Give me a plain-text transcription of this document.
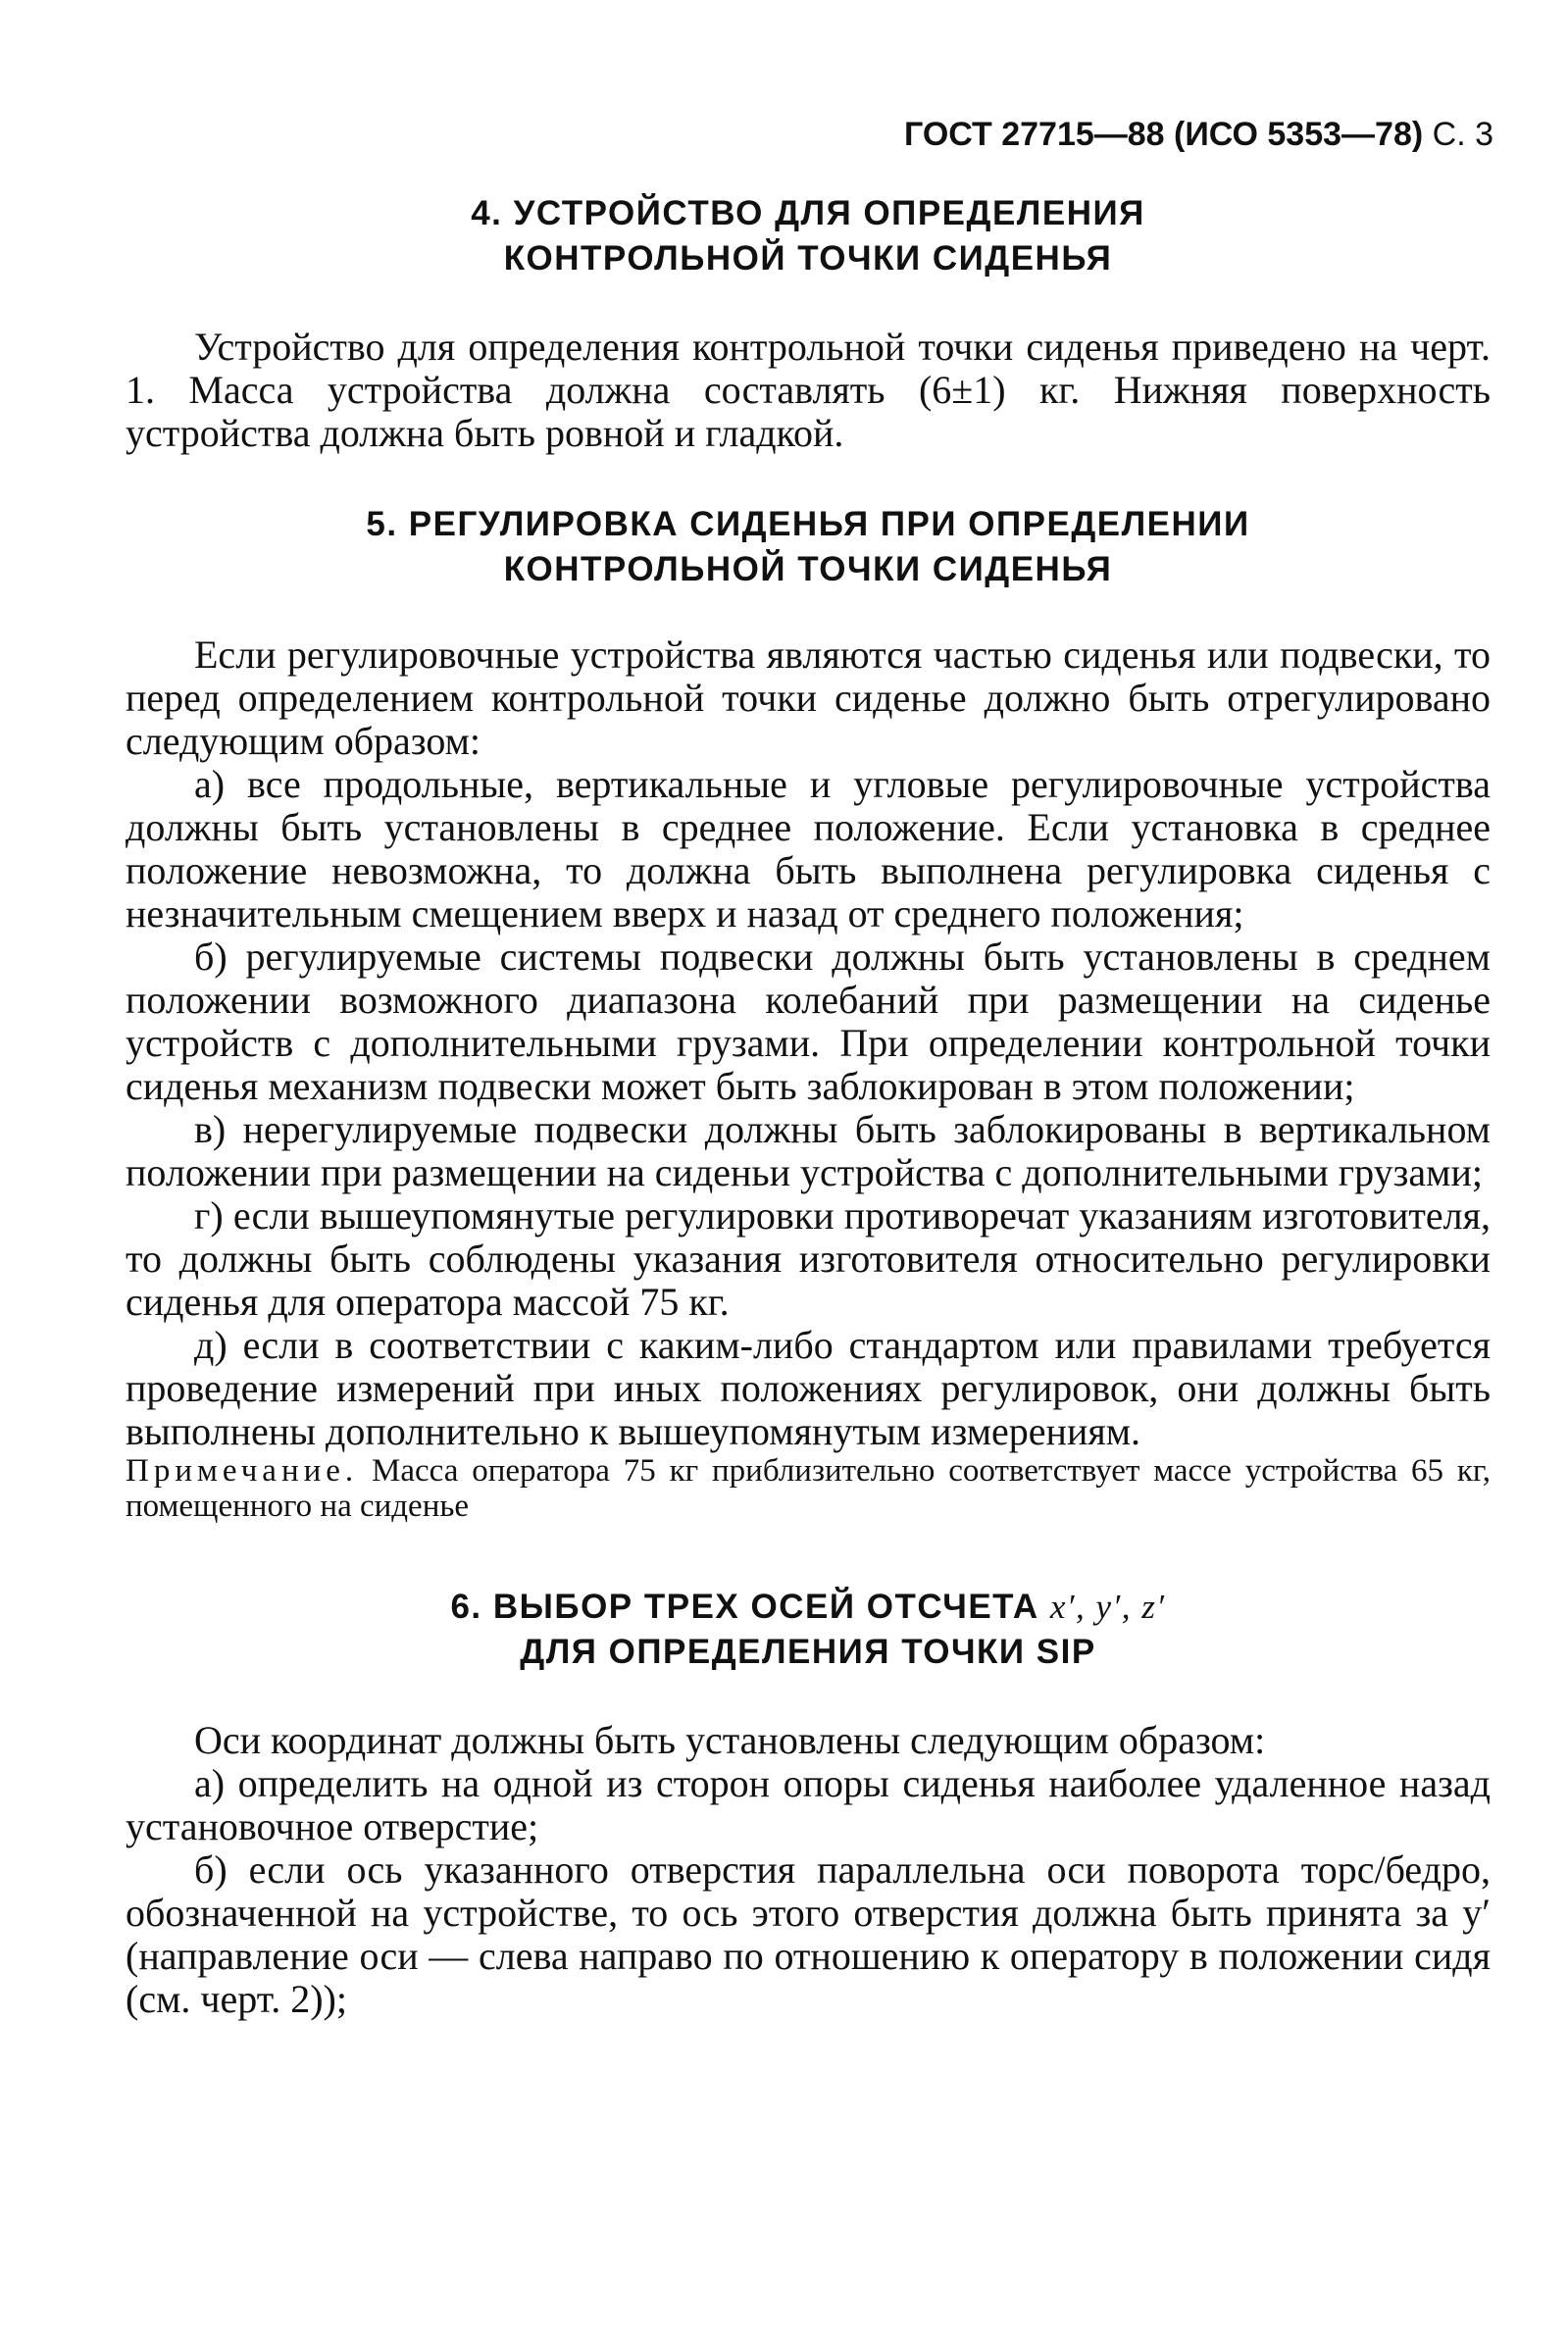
ГОСТ 27715—88 (ИСО 5353—78) С. 3
4. УСТРОЙСТВО ДЛЯ ОПРЕДЕЛЕНИЯ
КОНТРОЛЬНОЙ ТОЧКИ СИДЕНЬЯ

Устройство для определения контрольной точки сиденья приведено на черт. 1. Масса устройства должна составлять (6±1) кг. Нижняя поверхность устройства должна быть ровной и гладкой.

5. РЕГУЛИРОВКА СИДЕНЬЯ ПРИ ОПРЕДЕЛЕНИИ
КОНТРОЛЬНОЙ ТОЧКИ СИДЕНЬЯ

Если регулировочные устройства являются частью сиденья или подвески, то перед определением контрольной точки сиденье должно быть отрегулировано следующим образом:

а) все продольные, вертикальные и угловые регулировочные устройства должны быть установлены в среднее положение. Если установка в среднее положение невозможна, то должна быть выполнена регулировка сиденья с незначительным смещением вверх и назад от среднего положения;

б) регулируемые системы подвески должны быть установлены в среднем положении возможного диапазона колебаний при размещении на сиденье устройств с дополнительными грузами. При определении контрольной точки сиденья механизм подвески может быть заблокирован в этом положении;

в) нерегулируемые подвески должны быть заблокированы в вертикальном положении при размещении на сиденьи устройства с дополнительными грузами;

г) если вышеупомянутые регулировки противоречат указаниям изготовителя, то должны быть соблюдены указания изготовителя относительно регулировки сиденья для оператора массой 75 кг.

д) если в соответствии с каким-либо стандартом или правилами требуется проведение измерений при иных положениях регулировок, они должны быть выполнены дополнительно к вышеупомянутым измерениям.

Примечание. Масса оператора 75 кг приблизительно соответствует массе устройства 65 кг, помещенного на сиденье

6. ВЫБОР ТРЕХ ОСЕЙ ОТСЧЕТА x′, y′, z′
ДЛЯ ОПРЕДЕЛЕНИЯ ТОЧКИ SIP

Оси координат должны быть установлены следующим образом:

а) определить на одной из сторон опоры сиденья наиболее удаленное назад установочное отверстие;

б) если ось указанного отверстия параллельна оси поворота торс/бедро, обозначенной на устройстве, то ось этого отверстия должна быть принята за y′ (направление оси — слева направо по отношению к оператору в положении сидя (см. черт. 2));
